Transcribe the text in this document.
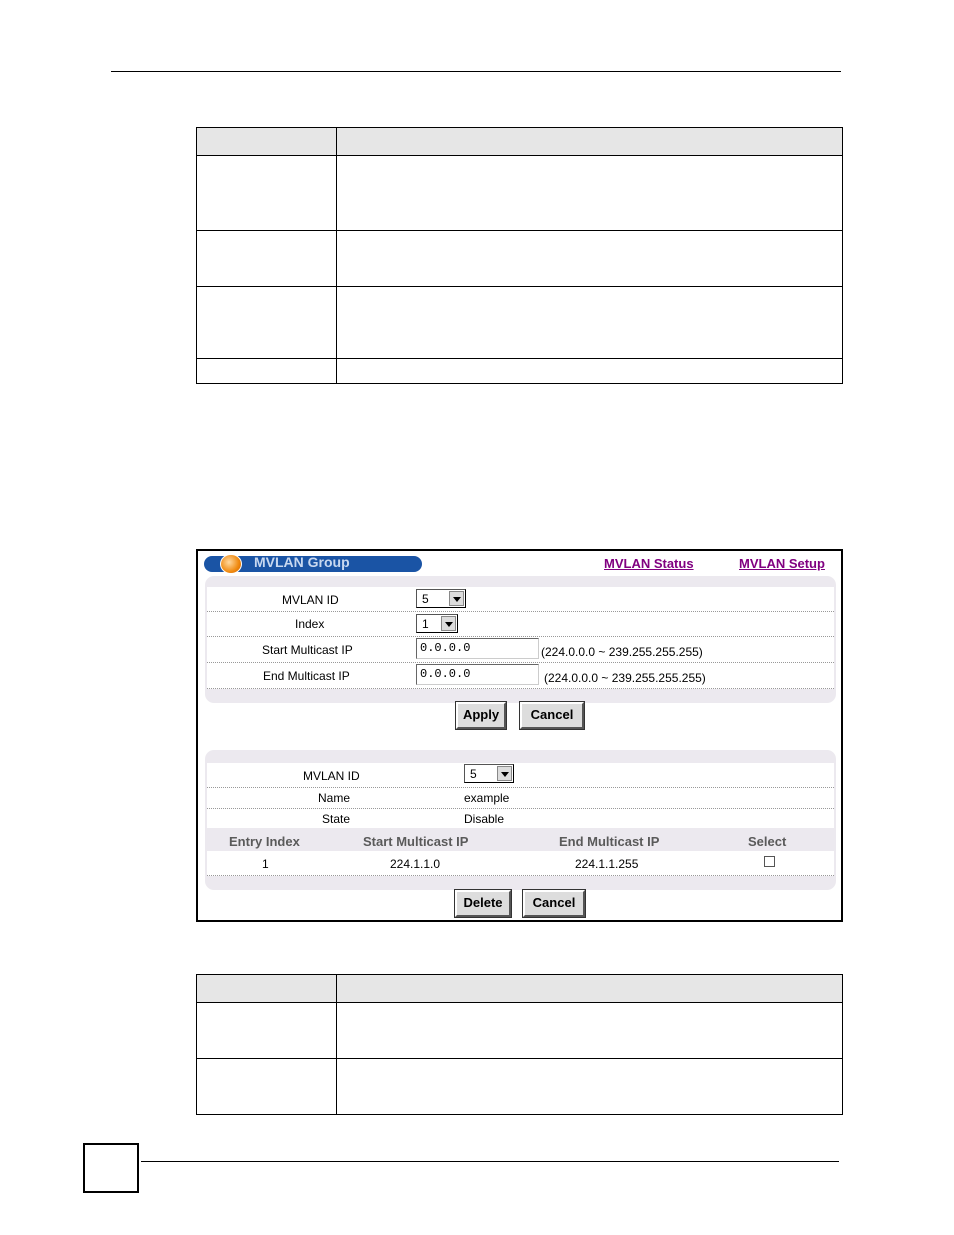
MVLAN Group	MVLAN Status	MVLAN Setup
MVLAN ID	5
Index	1
Start Multicast IP	0.0.0.0	(224.0.0.0 ~ 239.255.255.255)
End Multicast IP	0.0.0.0	(224.0.0.0 ~ 239.255.255.255)
Apply	Cancel
MVLAN ID	5
Name	example
State	Disable
Entry Index	Start Multicast IP	End Multicast IP	Select
1	224.1.1.0	224.1.1.255
Delete	Cancel
